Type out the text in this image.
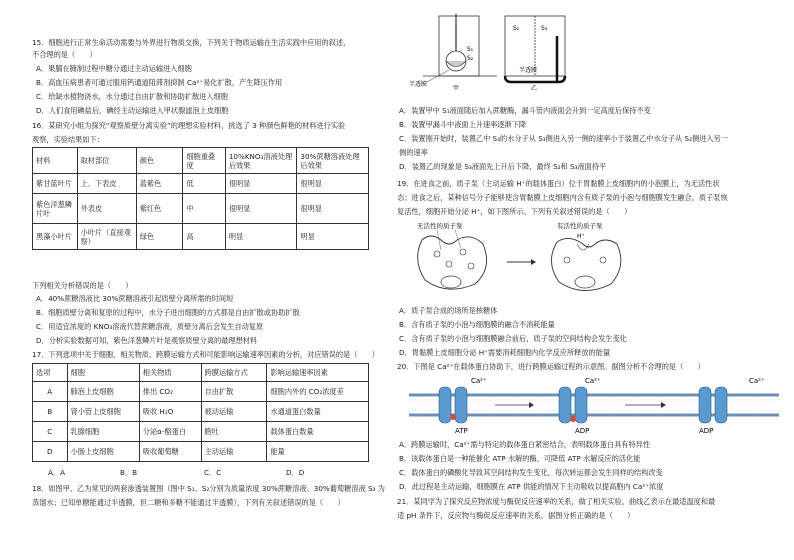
15．细胞进行正常生命活动需要与外界进行物质交换，下列关于物质运输在生活实践中应用的叙述，
不合理的是（　　）
A．果脯在腌制过程中糖分通过主动运输进入细胞
B．高血压病患者可通过服用钙通道阻滞剂抑制 Ca²⁺易化扩散，产生降压作用
C．给缺水植物浇水，水分通过自由扩散和协助扩散进入细胞
D．人们食用碘盐后，碘经主动运输进入甲状腺滤泡上皮细胞
16．某研究小组为探究“观察质壁分离实验”的理想实验材料，挑选了 3 种颜色鲜艳的材料进行实验
观察，实验结果如下：
材料	取材部位	颜色	细胞重叠度	10%KNO₃溶液处理后效果	30%蔗糖溶液处理后效果
紫甘蓝叶片	上、下表皮	蓝紫色	低	很明显	很明显
紫色洋葱鳞片叶	外表皮	紫红色	中	很明显	很明显
黑藻小叶片	小叶片（直接观察）	绿色	高	明显	明显
下列相关分析错误的是（　　）
A．40%蔗糖溶液比 30%蔗糖溶液引起质壁分离所需的时间短
B．细胞质壁分离和复原的过程中，水分子进出细胞的方式都是自由扩散或协助扩散
C．用适宜浓度的 KNO₃溶液代替蔗糖溶液，质壁分离后会发生自动复原
D．分析实验数据可知，紫色洋葱鳞片叶是观察质壁分离的最理想材料
17．下列选项中关于细胞、相关物质、跨膜运输方式和可能影响运输速率因素的分析，对应错误的是（　　）
选项	细胞	相关物质	跨膜运输方式	影响运输速率因素
A	肺泡上皮细胞	排出 CO₂	自由扩散	细胞内外的 CO₂浓度差
B	肾小管上皮细胞	吸收 H₂O	被动运输	水通道蛋白数量
C	乳腺细胞	分泌α-酪蛋白	胞吐	载体蛋白数量
D	小肠上皮细胞	吸收葡萄糖	主动运输	能量
A．A	B．B	C．C	D．D
18．如图甲、乙为常见的两套渗透装置图（图中 S₁、S₂分别为质量浓度 30%蔗糖溶液、30%葡萄糖溶液 S₃ 为
蒸馏水；已知单糖能通过半透膜，但二糖和多糖不能通过半透膜），下列有关叙述错误的是（　　）
S₁
S₂
半透膜
甲
S₂	S₃
半透膜
乙
A．装置甲中 S₁液面随后加入蔗糖酶，漏斗管内液面会升到一定高度后保持不变
B．装置甲漏斗中液面上升速率逐渐下降
C．装置刚开始时，装置乙中 S₃的水分子从 S₃侧进入另一侧的速率小于装置乙中水分子从 S₂侧进入另一
侧的速率
D．装置乙的现象是 S₃液面先上升后下降，最终 S₂和 S₃液面持平
19．在进食之前，质子泵（主动运输 H⁺的载体蛋白）位于胃黏膜上皮细胞内的小泡膜上，为无活性状
态；进食之后，某种信号分子能够使含胃黏膜上皮细胞内含有质子泵的小泡与细胞膜发生融合，质子泵恢
复活性，细胞开始分泌 H⁺，如下图所示。下列有关叙述错误的是（　　）
无活性的质子泵	有活性的质子泵
H⁺
A．质子泵合成的场所是核糖体
B．含有质子泵的小泡与细胞膜的融合不消耗能量
C．含有质子泵的小泡与细胞膜融合前后，质子泵的空间结构会发生变化
D．胃黏膜上皮细胞分泌 H⁺需要消耗细胞内化学反应所释放的能量
20．下图是 Ca²⁺在载体蛋白协助下，进行跨膜运输过程的示意图。据图分析不合理的是（　　）
Ca²⁺
ATP
Ca²⁺
ADP
Ca²⁺
ADP
A．跨膜运输时，Ca²⁺需与特定的载体蛋白紧密结合，表明载体蛋白具有特异性
B．该载体蛋白是一种能催化 ATP 水解的酶，可降低 ATP 水解反应的活化能
C．载体蛋白的磷酸化导致其空间结构发生变化，每次转运都会发生同样的结构改变
D．此过程是主动运输，细胞膜在 ATP 供能的情况下主动吸收以提高胞内 Ca²⁺浓度
21．某同学为了探究反应物浓度与酶促反应速率的关系，做了相关实验，曲线乙表示在最适温度和最
适 pH 条件下，反应物与酶促反应速率的关系。据图分析正确的是（　　）
